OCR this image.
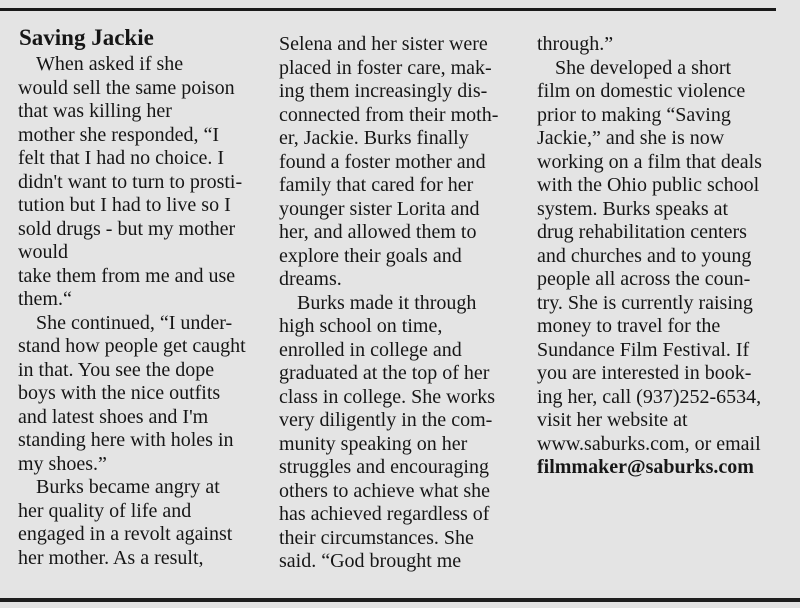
Saving Jackie
When asked if she
would sell the same poison
that was killing her
mother she responded, “I
felt that I had no choice. I
didn't want to turn to prosti-
tution but I had to live so I
sold drugs - but my mother
would
take them from me and use
them.“
She continued, “I under-
stand how people get caught
in that. You see the dope
boys with the nice outfits
and latest shoes and I'm
standing here with holes in
my shoes.”
Burks became angry at
her quality of life and
engaged in a revolt against
her mother. As a result,
Selena and her sister were
placed in foster care, mak-
ing them increasingly dis-
connected from their moth-
er, Jackie. Burks finally
found a foster mother and
family that cared for her
younger sister Lorita and
her, and allowed them to
explore their goals and
dreams.
Burks made it through
high school on time,
enrolled in college and
graduated at the top of her
class in college. She works
very diligently in the com-
munity speaking on her
struggles and encouraging
others to achieve what she
has achieved regardless of
their circumstances. She
said. “God brought me
through.”
She developed a short
film on domestic violence
prior to making “Saving
Jackie,” and she is now
working on a film that deals
with the Ohio public school
system. Burks speaks at
drug rehabilitation centers
and churches and to young
people all across the coun-
try. She is currently raising
money to travel for the
Sundance Film Festival. If
you are interested in book-
ing her, call (937)252-6534,
visit her website at
www.saburks.com, or email
filmmaker@saburks.com
